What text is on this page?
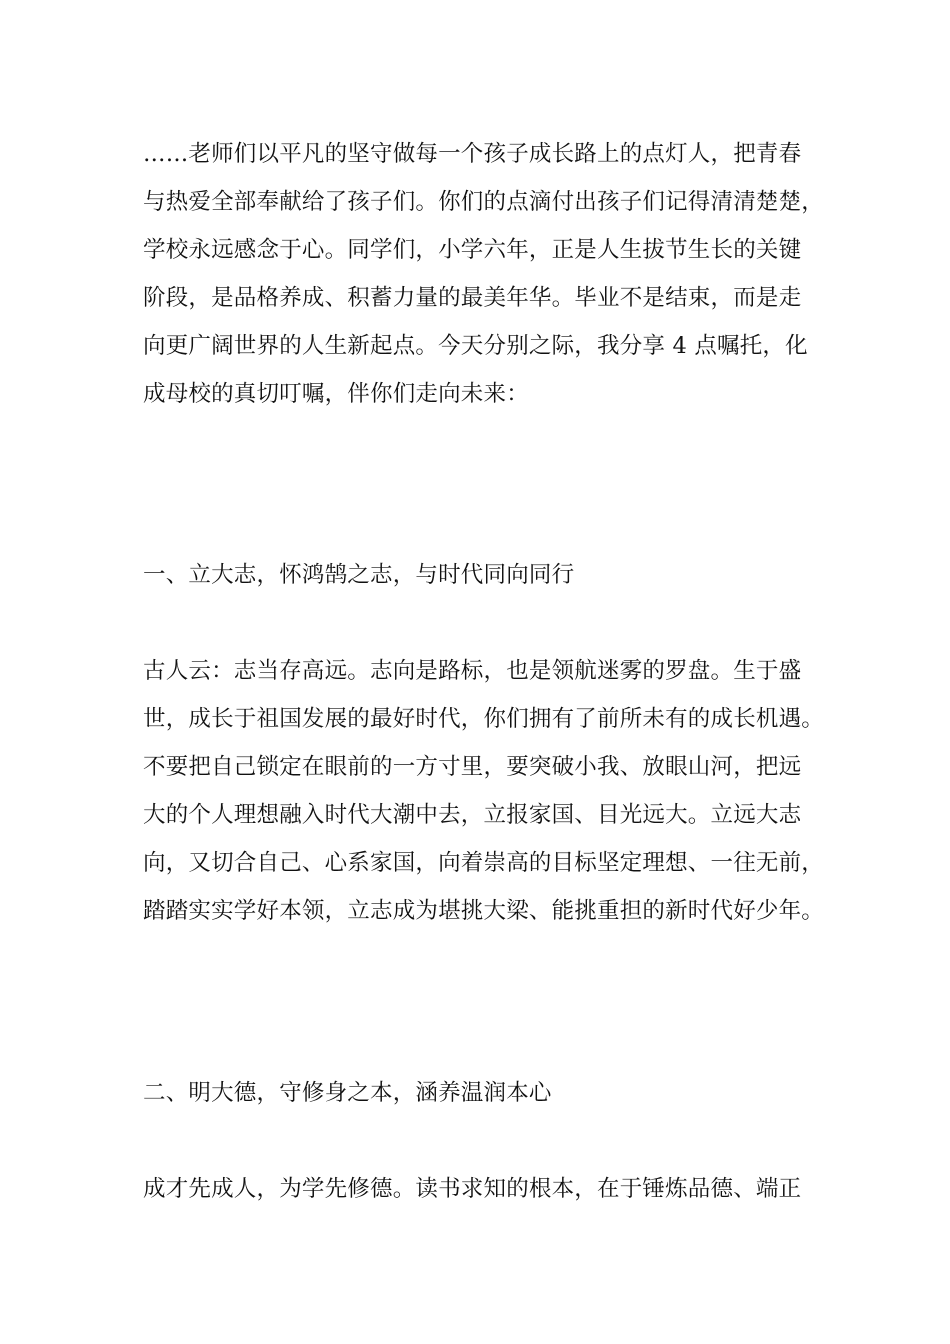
……老师们以平凡的坚守做每一个孩子成长路上的点灯人，把青春
与热爱全部奉献给了孩子们。你们的点滴付出孩子们记得清清楚楚，
学校永远感念于心。同学们，小学六年，正是人生拔节生长的关键
阶段，是品格养成、积蓄力量的最美年华。毕业不是结束，而是走
向更广阔世界的人生新起点。今天分别之际，我分享 4 点嘱托，化
成母校的真切叮嘱，伴你们走向未来：
一、立大志，怀鸿鹄之志，与时代同向同行
古人云：志当存高远。志向是路标，也是领航迷雾的罗盘。生于盛
世，成长于祖国发展的最好时代，你们拥有了前所未有的成长机遇。
不要把自己锁定在眼前的一方寸里，要突破小我、放眼山河，把远
大的个人理想融入时代大潮中去，立报家国、目光远大。立远大志
向，又切合自己、心系家国，向着崇高的目标坚定理想、一往无前，
踏踏实实学好本领，立志成为堪挑大梁、能挑重担的新时代好少年。
二、明大德，守修身之本，涵养温润本心
成才先成人，为学先修德。读书求知的根本，在于锤炼品德、端正
